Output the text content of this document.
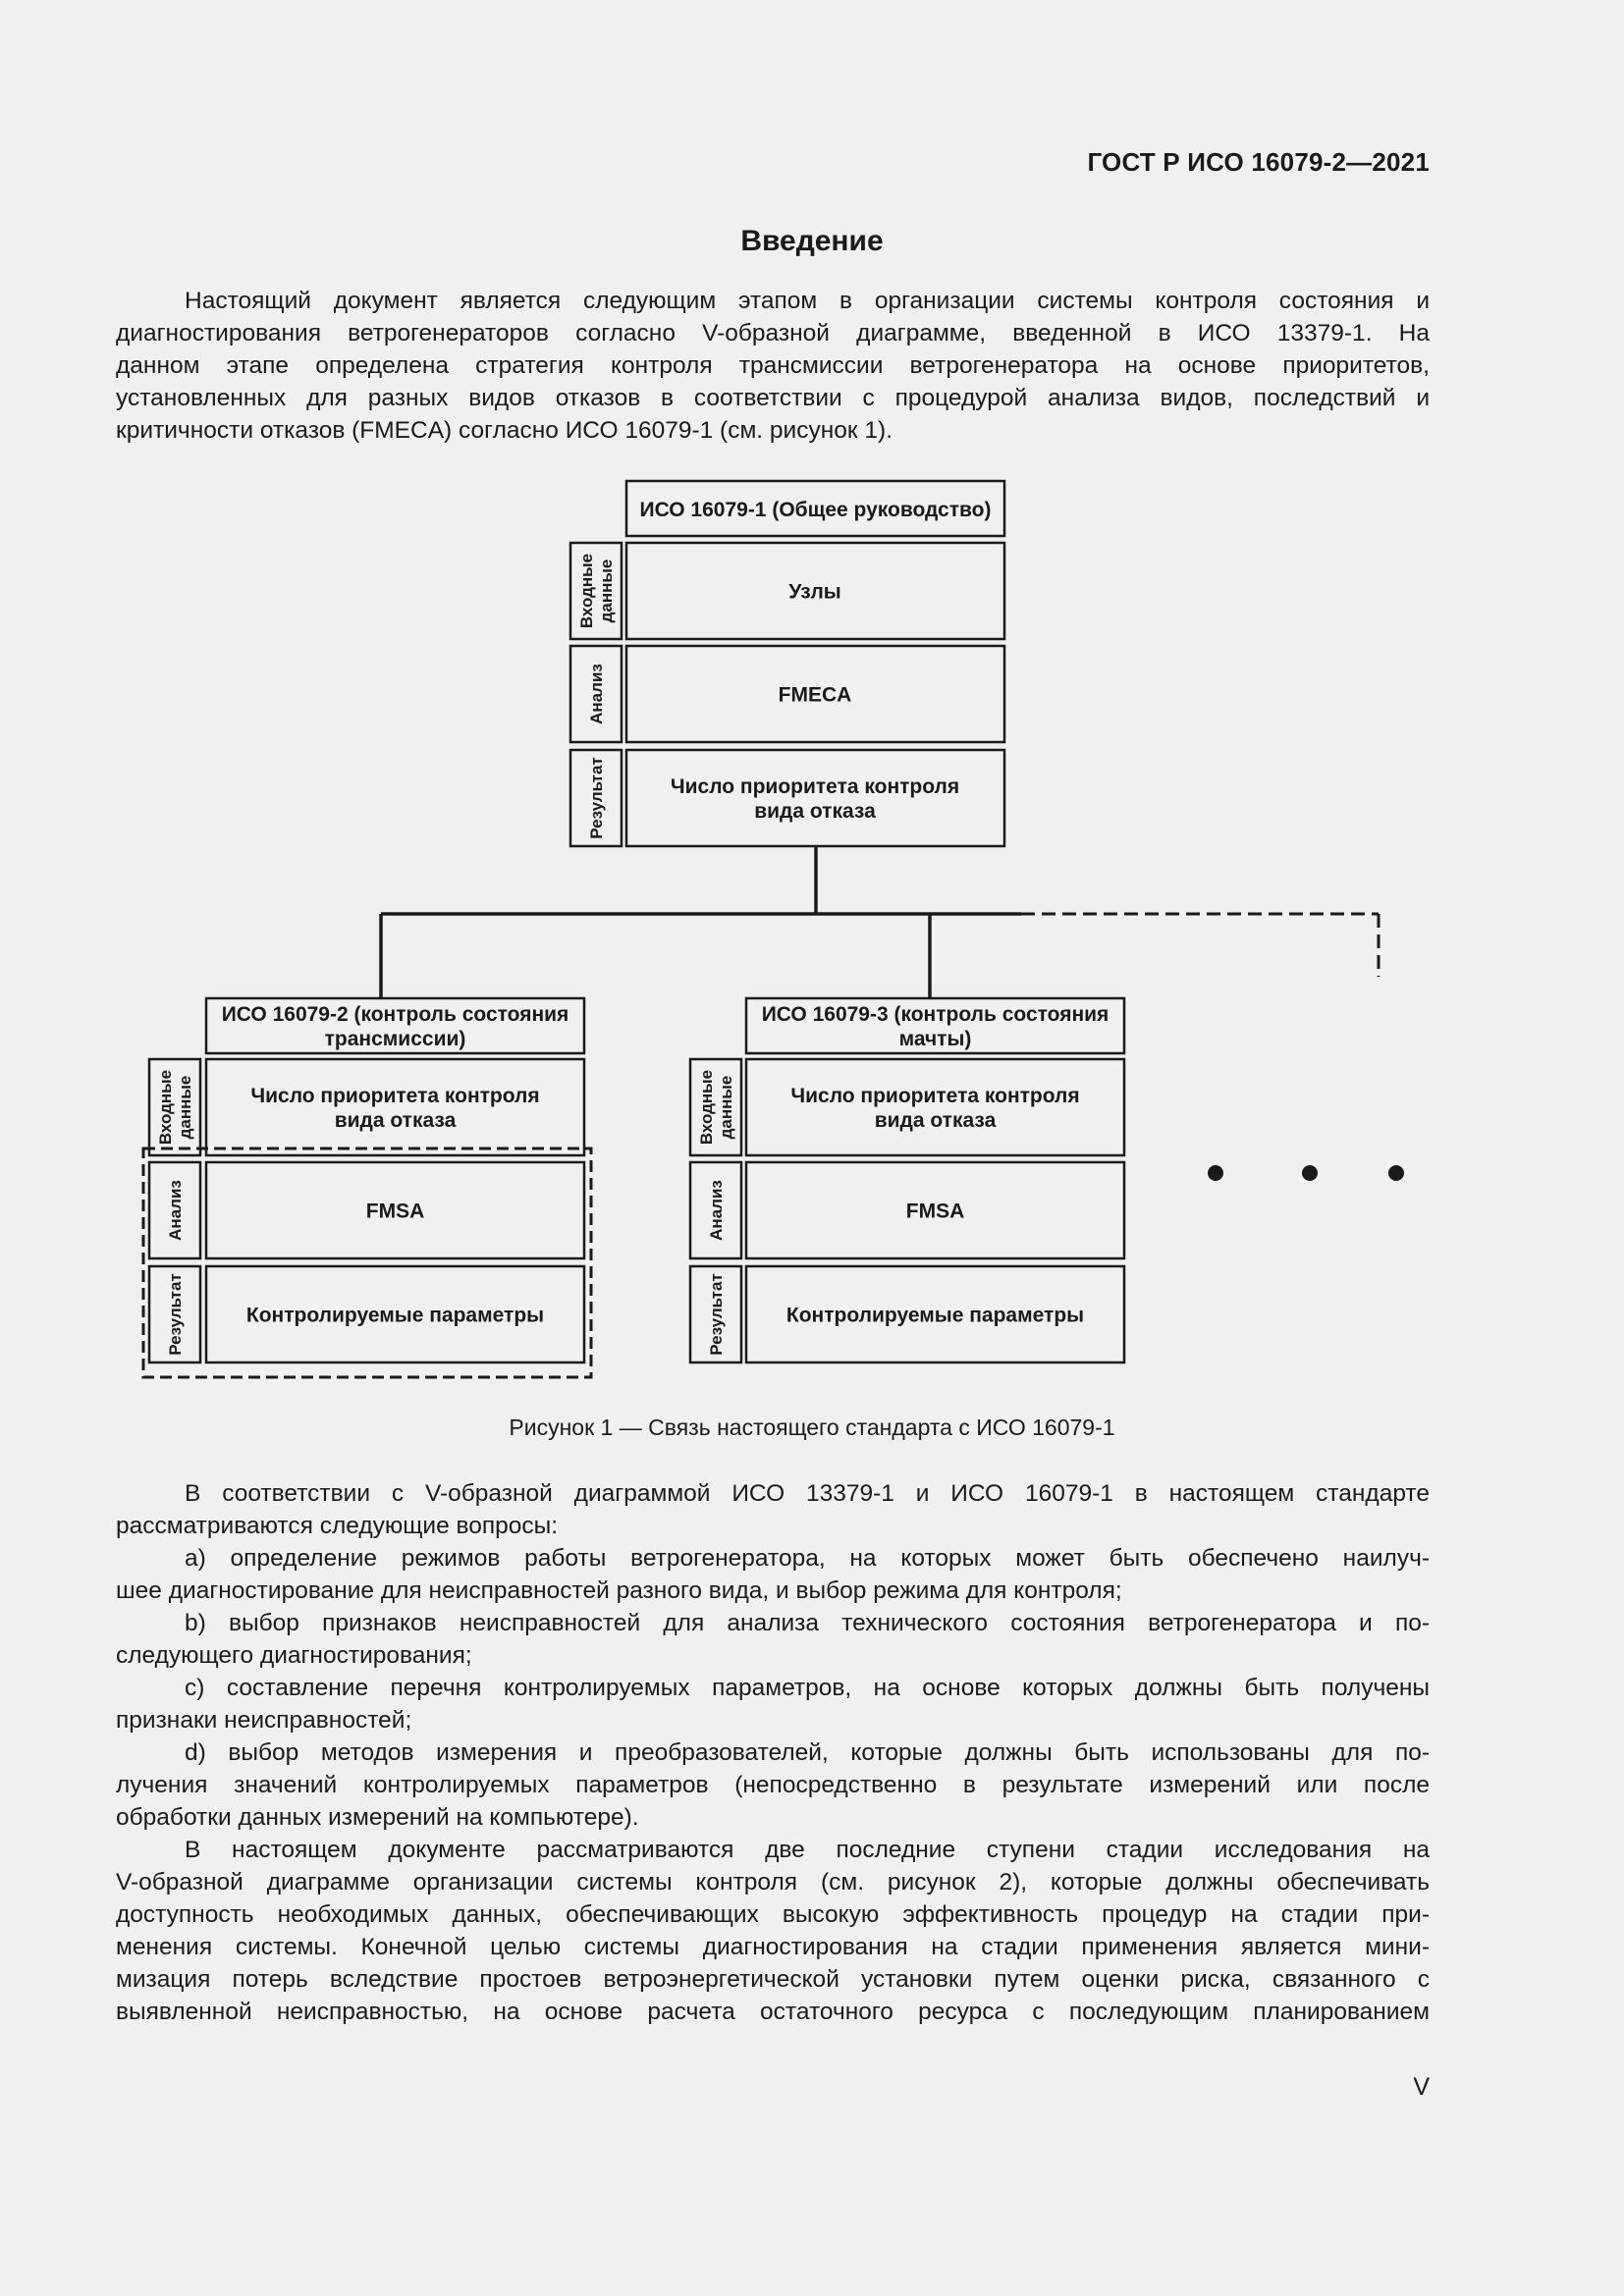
ГОСТ Р ИСО 16079-2—2021
Введение
Настоящий документ является следующим этапом в организации системы контроля состояния и
диагностирования ветрогенераторов согласно V-образной диаграмме, введенной в ИСО 13379-1. На
данном этапе определена стратегия контроля трансмиссии ветрогенератора на основе приоритетов,
установленных для разных видов отказов в соответствии с процедурой анализа видов, последствий и
критичности отказов (FMECA) согласно ИСО 16079-1 (см. рисунок 1).
ИСО 16079-1 (Общее руководство)
Входные данные	Узлы
Анализ	FMECA
Результат	Число приоритета контроля
вида отказа
ИСО 16079-2 (контроль состояния
трансмиссии)
Входные данные	Число приоритета контроля
вида отказа
Анализ	FMSA
Результат	Контролируемые параметры
ИСО 16079-3 (контроль состояния
мачты)
Входные данные	Число приоритета контроля
вида отказа
Анализ	FMSA
Результат	Контролируемые параметры
Рисунок 1 — Связь настоящего стандарта с ИСО 16079-1
В соответствии с V-образной диаграммой ИСО 13379-1 и ИСО 16079-1 в настоящем стандарте
рассматриваются следующие вопросы:
a) определение режимов работы ветрогенератора, на которых может быть обеспечено наилуч-
шее диагностирование для неисправностей разного вида, и выбор режима для контроля;
b) выбор признаков неисправностей для анализа технического состояния ветрогенератора и по-
следующего диагностирования;
c) составление перечня контролируемых параметров, на основе которых должны быть получены
признаки неисправностей;
d) выбор методов измерения и преобразователей, которые должны быть использованы для по-
лучения значений контролируемых параметров (непосредственно в результате измерений или после
обработки данных измерений на компьютере).
В настоящем документе рассматриваются две последние ступени стадии исследования на
V-образной диаграмме организации системы контроля (см. рисунок 2), которые должны обеспечивать
доступность необходимых данных, обеспечивающих высокую эффективность процедур на стадии при-
менения системы. Конечной целью системы диагностирования на стадии применения является мини-
мизация потерь вследствие простоев ветроэнергетической установки путем оценки риска, связанного с
выявленной неисправностью, на основе расчета остаточного ресурса с последующим планированием
V
